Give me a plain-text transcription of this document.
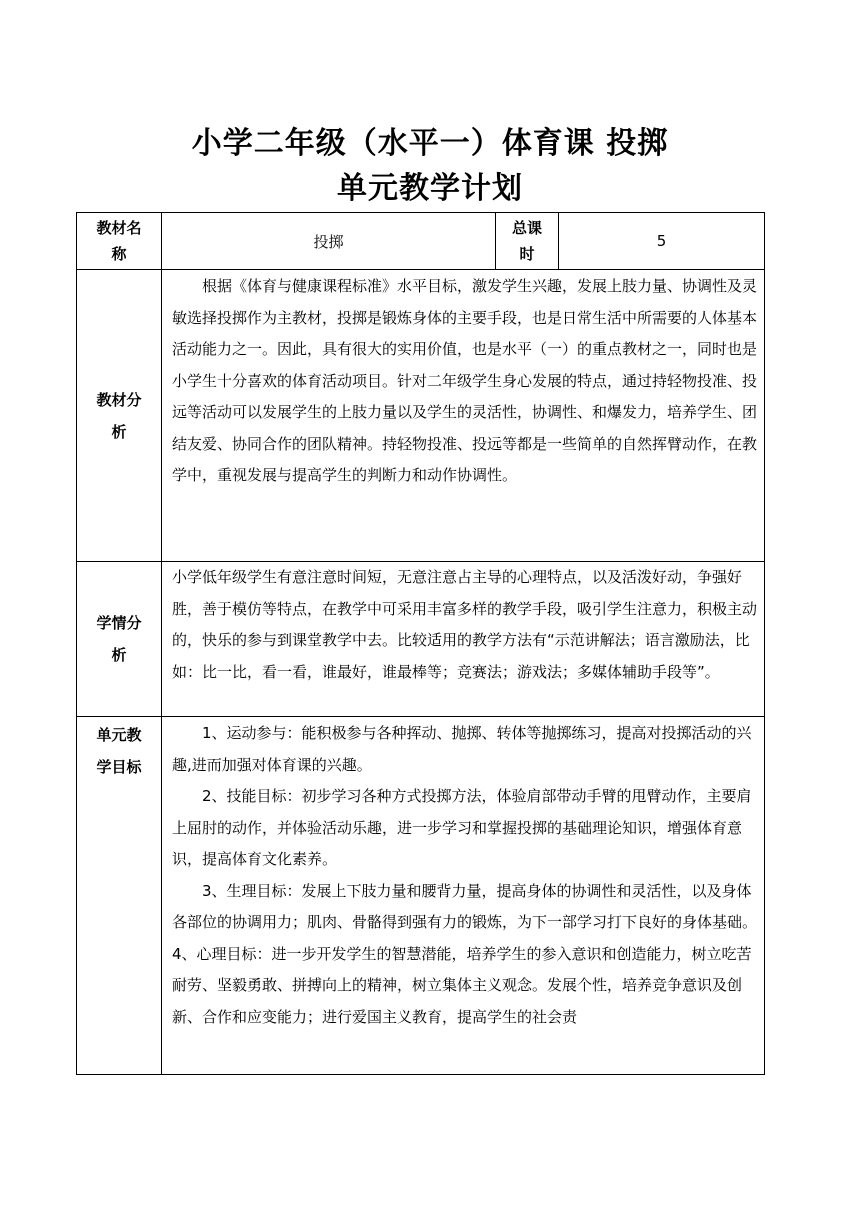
小学二年级（水平一）体育课 投掷
单元教学计划
教材名称	投掷	总课时	5
教材分析	根据《体育与健康课程标准》水平目标，激发学生兴趣，发展上肢力量、协调性及灵敏选择投掷作为主教材，投掷是锻炼身体的主要手段，也是日常生活中所需要的人体基本活动能力之一。因此，具有很大的实用价值，也是水平（一）的重点教材之一，同时也是小学生十分喜欢的体育活动项目。针对二年级学生身心发展的特点，通过持轻物投准、投远等活动可以发展学生的上肢力量以及学生的灵活性，协调性、和爆发力，培养学生、团结友爱、协同合作的团队精神。持轻物投准、投远等都是一些简单的自然挥臂动作，在教学中，重视发展与提高学生的判断力和动作协调性。		

学情分析	小学低年级学生有意注意时间短，无意注意占主导的心理特点，以及活泼好动，争强好胜，善于模仿等特点，在教学中可采用丰富多样的教学手段，吸引学生注意力，积极主动的，快乐的参与到课堂教学中去。比较适用的教学方法有“示范讲解法；语言激励法，比如：比一比，看一看，谁最好，谁最棒等；竞赛法；游戏法；多媒体辅助手段等”。		

单元教学目标	1、运动参与：能积极参与各种挥动、抛掷、转体等抛掷练习，提高对投掷活动的兴趣,进而加强对体育课的兴趣。

2、技能目标：初步学习各种方式投掷方法，体验肩部带动手臂的甩臂动作，主要肩上屈肘的动作，并体验活动乐趣，进一步学习和掌握投掷的基础理论知识，增强体育意识，提高体育文化素养。

3、生理目标：发展上下肢力量和腰背力量，提高身体的协调性和灵活性，以及身体各部位的协调用力；肌肉、骨骼得到强有力的锻炼，为下一部学习打下良好的身体基础。

4、心理目标：进一步开发学生的智慧潜能，培养学生的参入意识和创造能力，树立吃苦耐劳、坚毅勇敢、拼搏向上的精神，树立集体主义观念。发展个性，培养竞争意识及创新、合作和应变能力；进行爱国主义教育，提高学生的社会责		
